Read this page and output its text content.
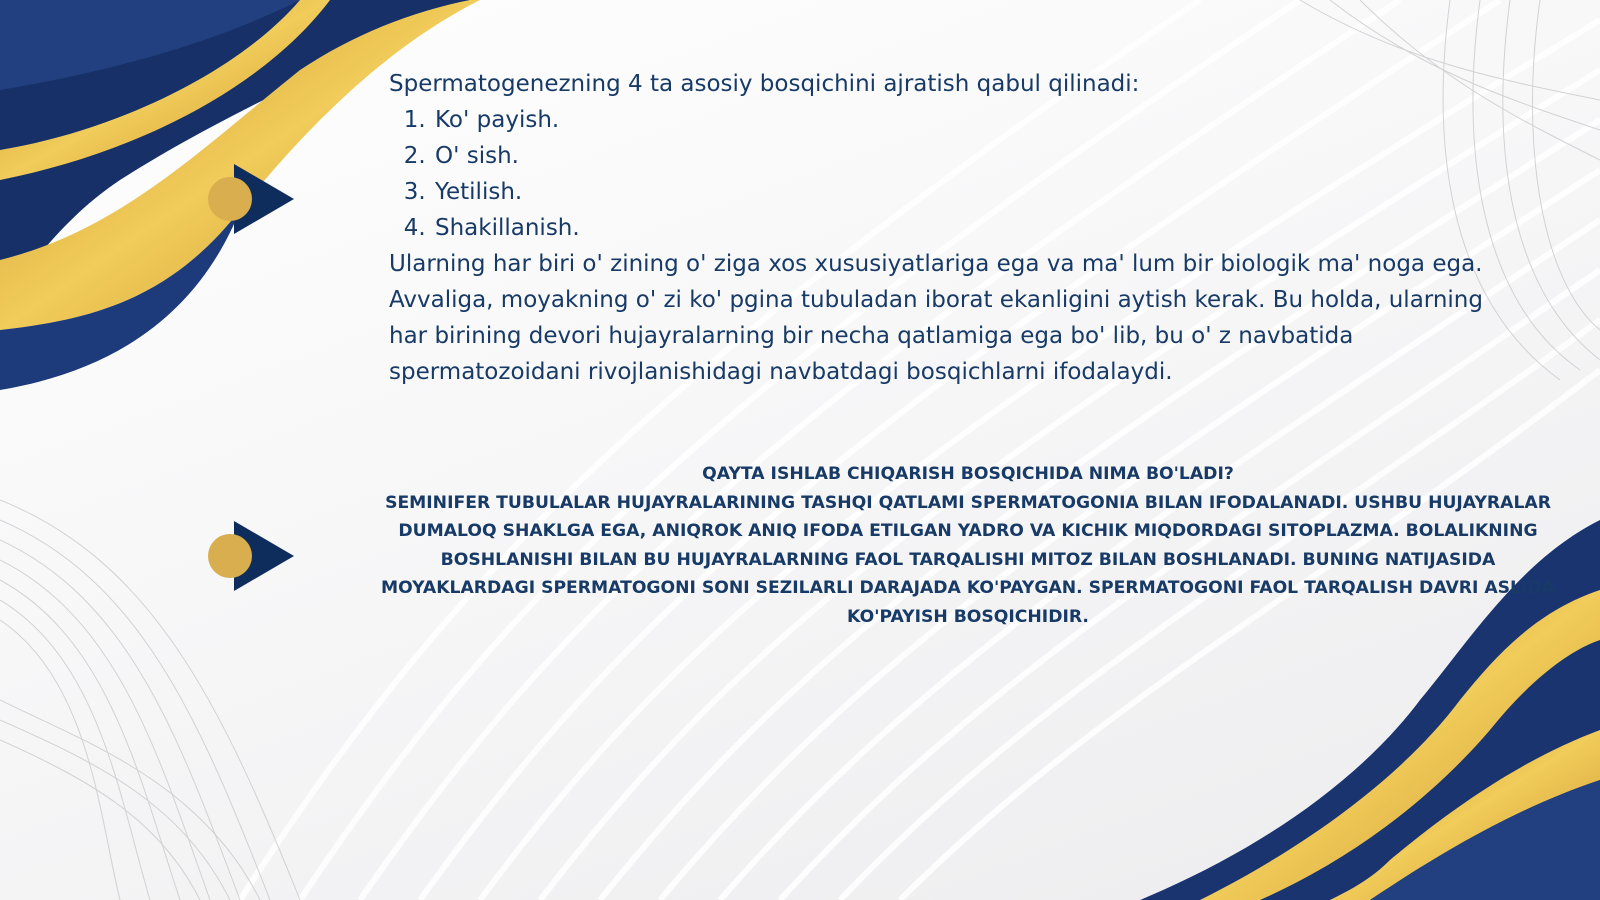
Spermatogenezning 4 ta asosiy bosqichini ajratish qabul qilinadi:

1. Ko' payish.
2. O' sish.
3. Yetilish.
4. Shakillanish.

Ularning har biri o' zining o' ziga xos xususiyatlariga ega va ma' lum bir biologik ma' noga ega. Avvaliga, moyakning o' zi ko' pgina tubuladan iborat ekanligini aytish kerak. Bu holda, ularning har birining devori hujayralarning bir necha qatlamiga ega bo' lib, bu o' z navbatida spermatozoidani rivojlanishidagi navbatdagi bosqichlarni ifodalaydi.

QAYTA ISHLAB CHIQARISH BOSQICHIDA NIMA BO'LADI?

SEMINIFER TUBULALAR HUJAYRALARINING TASHQI QATLAMI SPERMATOGONIA BILAN IFODALANADI. USHBU HUJAYRALAR DUMALOQ SHAKLGA EGA, ANIQROK ANIQ IFODA ETILGAN YADRO VA KICHIK MIQDORDAGI SITOPLAZMA. BOLALIKNING BOSHLANISHI BILAN BU HUJAYRALARNING FAOL TARQALISHI MITOZ BILAN BOSHLANADI. BUNING NATIJASIDA MOYAKLARDAGI SPERMATOGONI SONI SEZILARLI DARAJADA KO'PAYGAN. SPERMATOGONI FAOL TARQALISH DAVRI ASLIDA KO'PAYISH BOSQICHIDIR.
